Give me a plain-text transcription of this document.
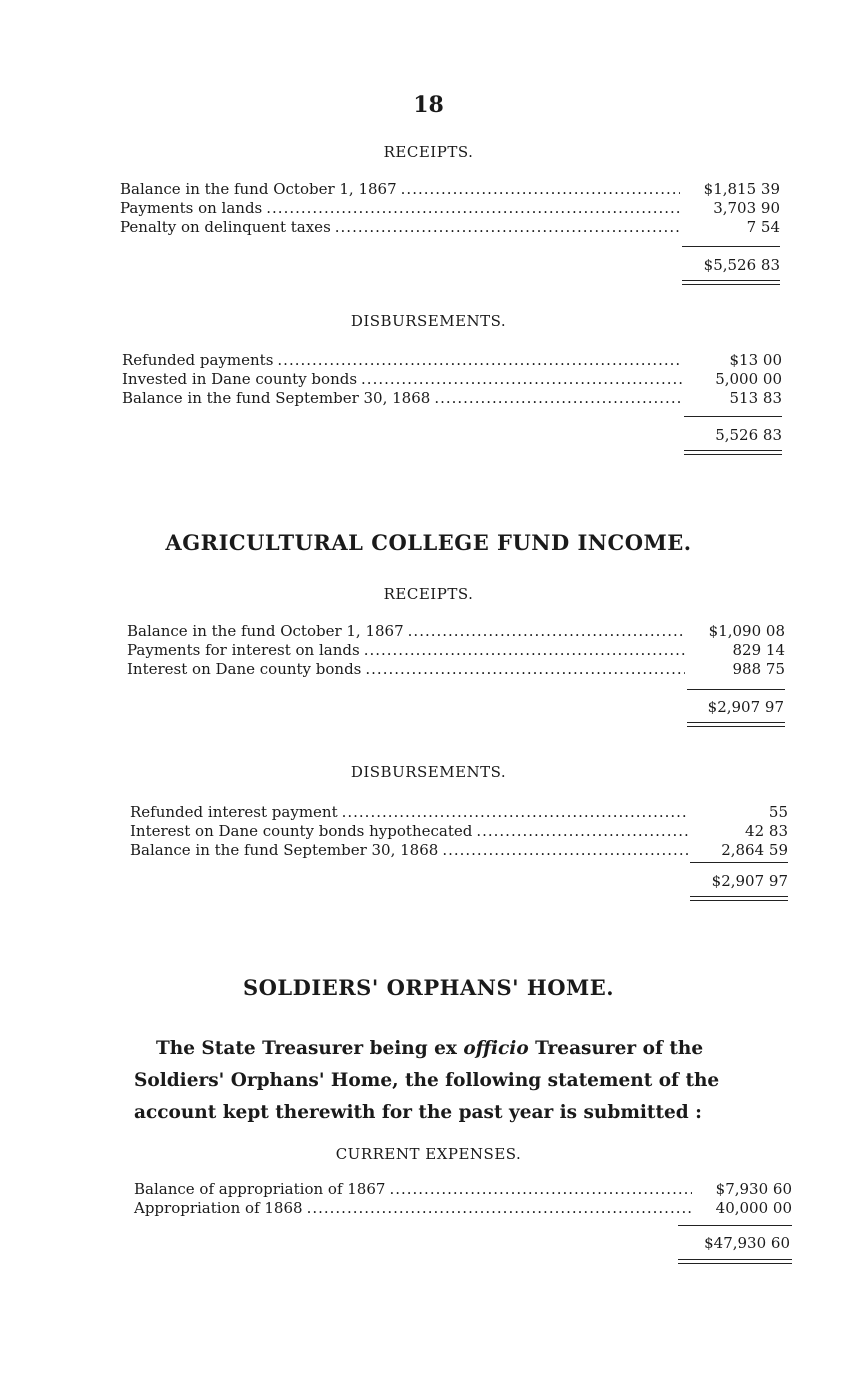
18
RECEIPTS.
Balance in the fund October 1, 1867 .....	$1,815 39
Payments on lands .....	3,703 90
Penalty on delinquent taxes .....	7 54
$5,526 83
DISBURSEMENTS.
Refunded payments .....	$13 00
Invested in Dane county bonds .....	5,000 00
Balance in the fund September 30, 1868 .....	513 83
5,526 83
AGRICULTURAL COLLEGE FUND INCOME.
RECEIPTS.
Balance in the fund October 1, 1867 .....	$1,090 08
Payments for interest on lands .....	829 14
Interest on Dane county bonds .....	988 75
$2,907 97
DISBURSEMENTS.
Refunded interest payment .....	55
Interest on Dane county bonds hypothecated .....	42 83
Balance in the fund September 30, 1868 .....	2,864 59
$2,907 97
SOLDIERS' ORPHANS' HOME.
The State Treasurer being ex officio Treasurer of the Soldiers' Orphans' Home, the following statement of the account kept therewith for the past year is submitted :
CURRENT EXPENSES.
Balance of appropriation of 1867 .....	$7,930 60
Appropriation of 1868 .....	40,000 00
$47,930 60
